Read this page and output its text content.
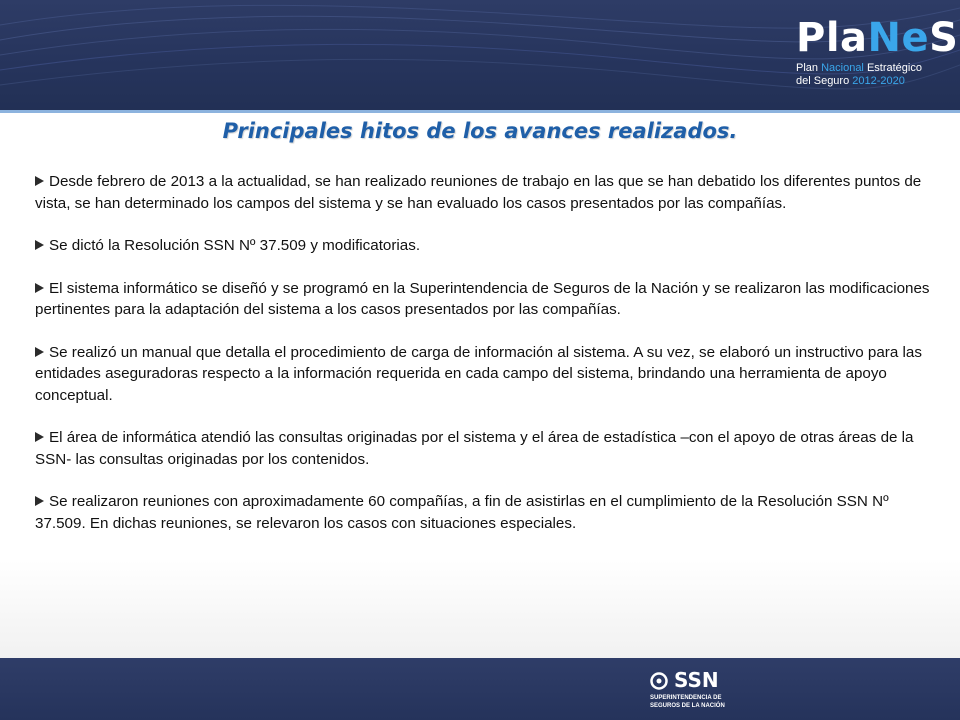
PlaNeS
Plan Nacional Estratégico
del Seguro 2012-2020
Principales hitos de los avances realizados.
Desde febrero de 2013 a la actualidad, se han realizado reuniones de trabajo en las que se han debatido los diferentes puntos de vista, se han determinado los campos del sistema y se han evaluado los casos presentados por las compañías.
Se dictó la Resolución SSN Nº 37.509 y modificatorias.
El sistema informático se diseñó y se programó en la Superintendencia de Seguros de la Nación y se realizaron las modificaciones pertinentes para la adaptación del sistema a los casos presentados por las compañías.
Se realizó un manual que detalla el procedimiento de carga de información al sistema. A su vez, se elaboró un instructivo para las entidades aseguradoras respecto a la información requerida en cada campo del sistema, brindando una herramienta de apoyo conceptual.
El área de informática atendió las consultas originadas por el sistema y el área de estadística –con el apoyo de otras áreas de la SSN- las consultas originadas por los contenidos.
Se realizaron reuniones con aproximadamente 60 compañías, a fin de asistirlas en el cumplimiento de la Resolución SSN Nº 37.509. En dichas reuniones, se relevaron los casos con situaciones especiales.
SSN
SUPERINTENDENCIA DE
SEGUROS DE LA NACIÓN
